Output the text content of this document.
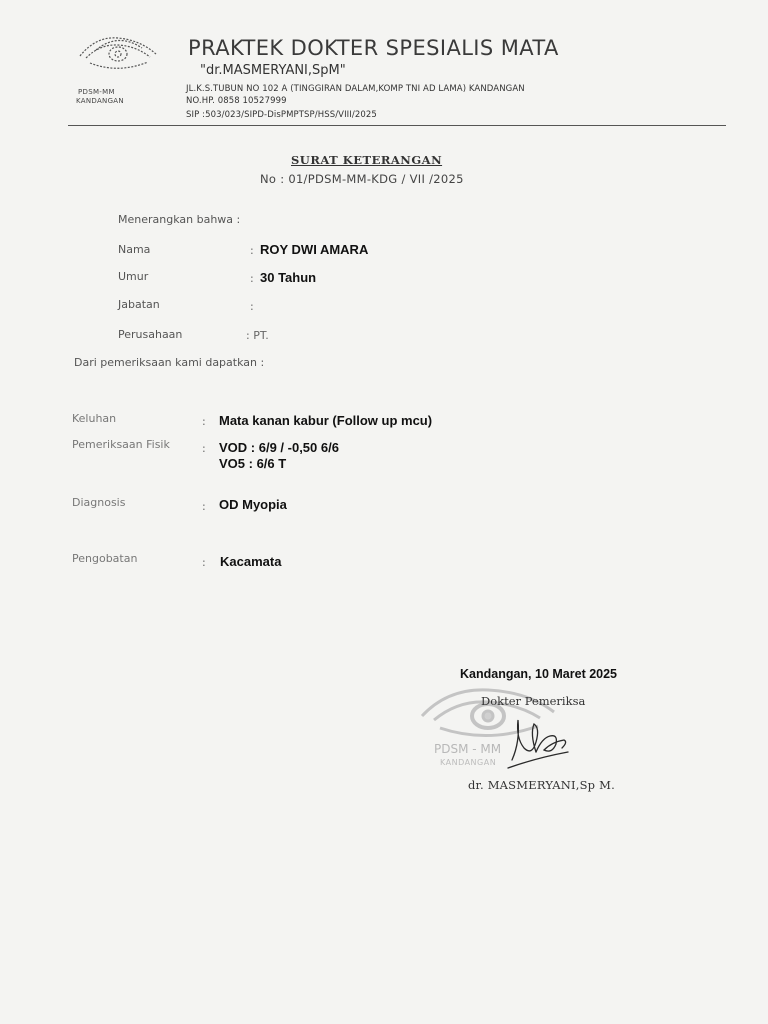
PDSM-MM
KANDANGAN
PRAKTEK DOKTER SPESIALIS MATA
"dr.MASMERYANI,SpM"
JL.K.S.TUBUN NO 102 A (TINGGIRAN DALAM,KOMP TNI AD LAMA) KANDANGAN
NO.HP. 0858 10527999
SIP :503/023/SIPD-DisPMPTSP/HSS/VIII/2025
SURAT KETERANGAN
No : 01/PDSM-MM-KDG / VII /2025
Menerangkan bahwa :
Nama	: ROY DWI AMARA
Umur	: 30 Tahun
Jabatan	:
Perusahaan	: PT.
Dari pemeriksaan kami dapatkan :
Keluhan	: Mata kanan kabur (Follow up mcu)
Pemeriksaan Fisik	: VOD : 6/9 / -0,50 6/6
VO5 : 6/6 T
Diagnosis	: OD Myopia
Pengobatan	: Kacamata
Kandangan, 10 Maret 2025
PDSM - MM
KANDANGAN
Dokter Pemeriksa
dr. MASMERYANI,Sp M.
